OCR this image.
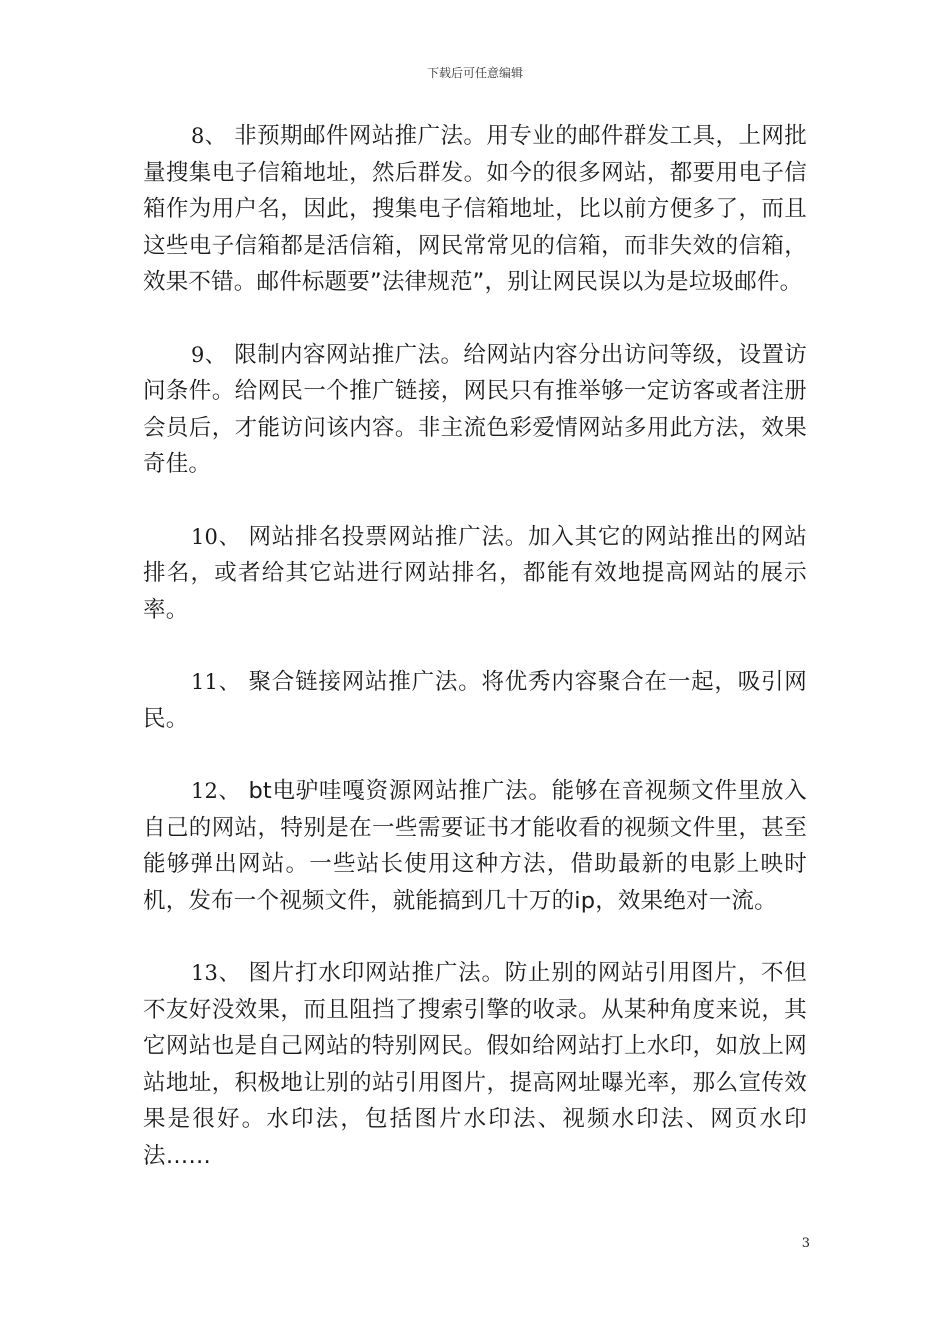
下载后可任意编辑

8、 非预期邮件网站推广法。用专业的邮件群发工具，上网批量搜集电子信箱地址，然后群发。如今的很多网站，都要用电子信箱作为用户名，因此，搜集电子信箱地址，比以前方便多了，而且这些电子信箱都是活信箱，网民常常见的信箱，而非失效的信箱，效果不错。邮件标题要”法律规范”，别让网民误以为是垃圾邮件。

9、 限制内容网站推广法。给网站内容分出访问等级，设置访问条件。给网民一个推广链接，网民只有推举够一定访客或者注册会员后，才能访问该内容。非主流色彩爱情网站多用此方法，效果奇佳。

10、 网站排名投票网站推广法。加入其它的网站推出的网站排名，或者给其它站进行网站排名，都能有效地提高网站的展示率。

11、 聚合链接网站推广法。将优秀内容聚合在一起，吸引网民。

12、 bt电驴哇嘎资源网站推广法。能够在音视频文件里放入自己的网站，特别是在一些需要证书才能收看的视频文件里，甚至能够弹出网站。一些站长使用这种方法，借助最新的电影上映时机，发布一个视频文件，就能搞到几十万的ip，效果绝对一流。

13、 图片打水印网站推广法。防止别的网站引用图片，不但不友好没效果，而且阻挡了搜索引擎的收录。从某种角度来说，其它网站也是自己网站的特别网民。假如给网站打上水印，如放上网站地址，积极地让别的站引用图片，提高网址曝光率，那么宣传效果是很好。水印法，包括图片水印法、视频水印法、网页水印法……

3
